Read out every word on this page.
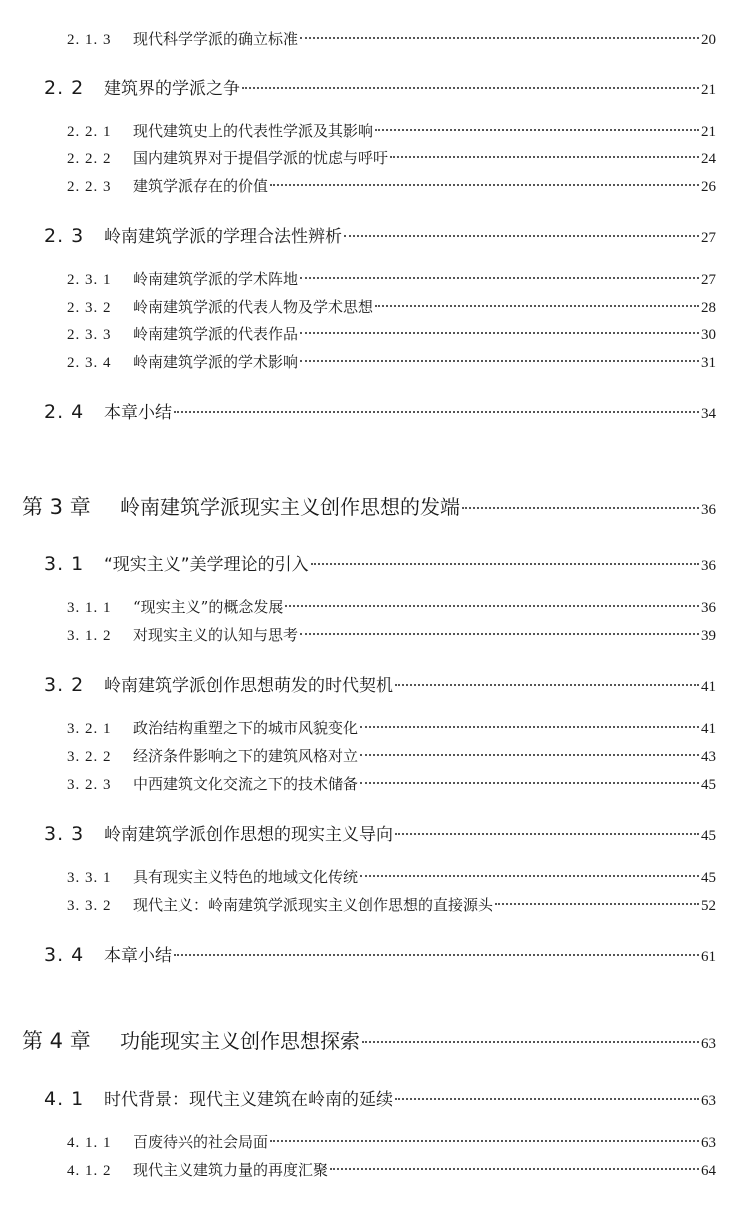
2. 1. 3	现代科学学派的确立标准	20
2. 2	建筑界的学派之争	21
2. 2. 1	现代建筑史上的代表性学派及其影响	21
2. 2. 2	国内建筑界对于提倡学派的忧虑与呼吁	24
2. 2. 3	建筑学派存在的价值	26
2. 3	岭南建筑学派的学理合法性辨析	27
2. 3. 1	岭南建筑学派的学术阵地	27
2. 3. 2	岭南建筑学派的代表人物及学术思想	28
2. 3. 3	岭南建筑学派的代表作品	30
2. 3. 4	岭南建筑学派的学术影响	31
2. 4	本章小结	34
第 3 章	岭南建筑学派现实主义创作思想的发端	36
3. 1	“现实主义”美学理论的引入	36
3. 1. 1	“现实主义”的概念发展	36
3. 1. 2	对现实主义的认知与思考	39
3. 2	岭南建筑学派创作思想萌发的时代契机	41
3. 2. 1	政治结构重塑之下的城市风貌变化	41
3. 2. 2	经济条件影响之下的建筑风格对立	43
3. 2. 3	中西建筑文化交流之下的技术储备	45
3. 3	岭南建筑学派创作思想的现实主义导向	45
3. 3. 1	具有现实主义特色的地域文化传统	45
3. 3. 2	现代主义：岭南建筑学派现实主义创作思想的直接源头	52
3. 4	本章小结	61
第 4 章	功能现实主义创作思想探索	63
4. 1	时代背景：现代主义建筑在岭南的延续	63
4. 1. 1	百废待兴的社会局面	63
4. 1. 2	现代主义建筑力量的再度汇聚	64
